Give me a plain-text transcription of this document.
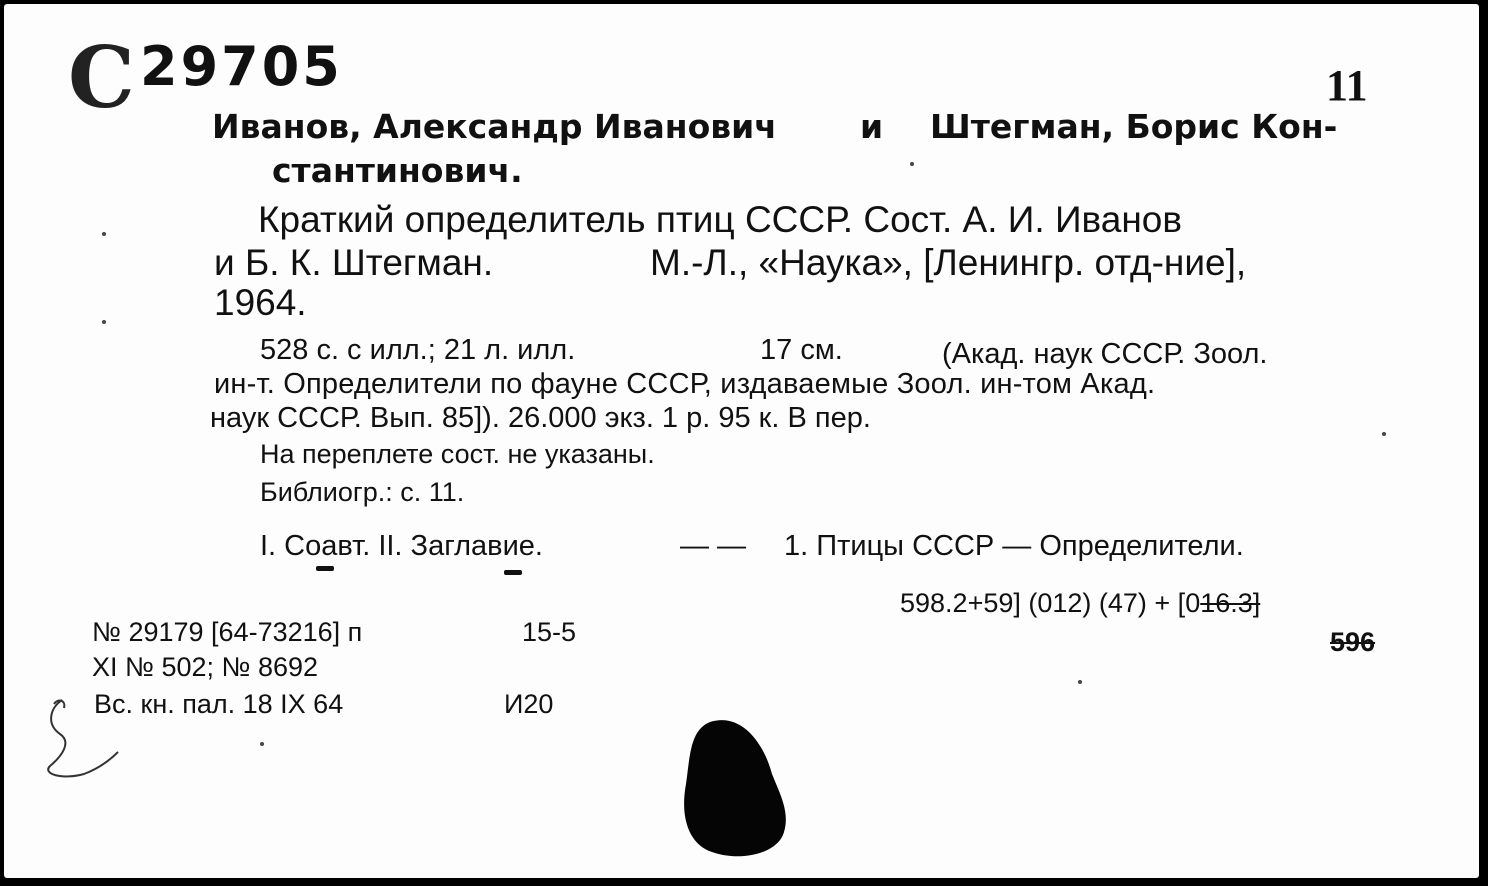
С 29705	11
Иванов, Александр Иванович	и Штегман, Борис Кон-
стантинович.
Краткий определитель птиц СССР. Сост. А. И. Иванов
и Б. К. Штегман.	М.-Л., «Наука», [Ленингр. отд-ние],
1964.
528 с. с илл.; 21 л. илл.	17 см.	(Акад. наук СССР. Зоол.
ин-т. Определители по фауне СССР, издаваемые Зоол. ин-том Акад.
наук СССР. Вып. 85]). 26.000 экз. 1 р. 95 к. В пер.
На переплете сост. не указаны.
Библиогр.: с. 11.
I. Соавт. II. Заглавие.	— — 1. Птицы СССР — Определители.
598.2+59] (012) (47) + [016.3]
596
№ 29179 [64-73216] п	15-5
XI № 502; № 8692
Вс. кн. пал. 18 IX 64	И20
